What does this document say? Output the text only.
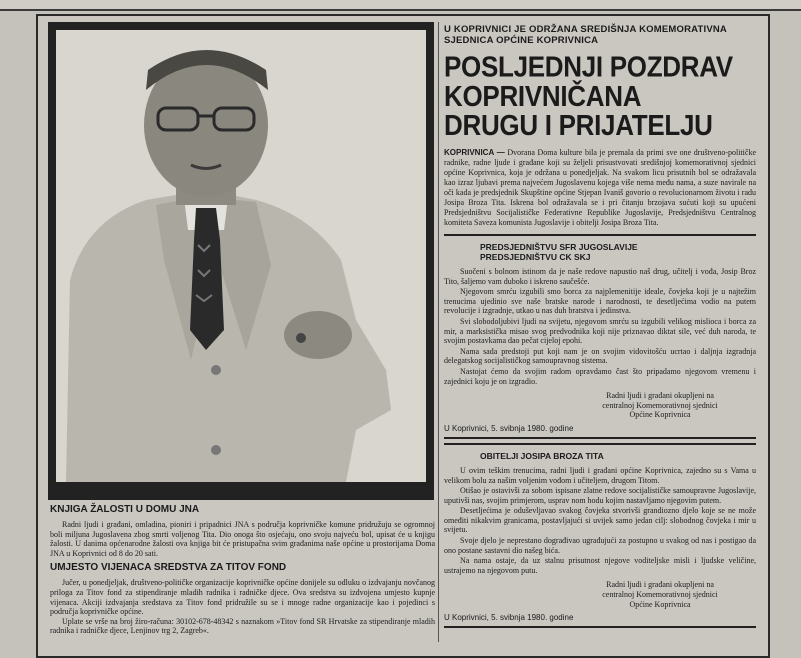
U KOPRIVNICI JE ODRŽANA SREDIŠNJA KOMEMORATIVNA SJEDNICA OPĆINE KOPRIVNICA
POSLJEDNJI POZDRAV
KOPRIVNIČANA
DRUGU I PRIJATELJU

KOPRIVNICA — Dvorana Doma kulture bila je premala da primi sve one društveno-političke radnike, radne ljude i građane koji su željeli prisustvovati središnjoj komemorativnoj sjednici općine Koprivnica, koja je održana u ponedjeljak. Na svakom licu prisutnih bol se odražavala kao izraz ljubavi prema najvećem Jugoslavenu kojega više nema među nama, a suze navirale na oči kada je predsjednik Skupštine općine Stjepan Ivaniš govorio o revolucionarnom životu i radu Josipa Broza Tita. Iskrena bol odražavala se i pri čitanju brzojava sućuti koji su upućeni Predsjedništvu Socijalističke Federativne Republike Jugoslavije, Predsjedništvu Centralnog komiteta Saveza komunista Jugoslavije i obitelji Josipa Broza Tita.

PREDSJEDNIŠTVU SFR JUGOSLAVIJE
PREDSJEDNIŠTVU CK SKJ

Suočeni s bolnom istinom da je naše redove napustio naš drug, učitelj i vođa, Josip Broz Tito, šaljemo vam duboko i iskreno saučešće.

Njegovom smrću izgubili smo borca za najplemenitije ideale, čovjeka koji je u najtežim trenucima ujedinio sve naše bratske narode i narodnosti, te desetljećima vodio na putem revolucije i izgradnje, utkao u nas duh bratstva i jedinstva.

Svi slobodoljubivi ljudi na svijetu, njegovom smrću su izgubili velikog mislioca i borca za mir, a marksistička misao svog predvodnika koji nije priznavao diktat sile, već duh naroda, te svojim postavkama dao pečat cijeloj epohi.

Nama sada predstoji put koji nam je on svojim vidovitošću ucrtao i daljnja izgradnja delegatskog socijalističkog samoupravnog sistema.

Nastojat ćemo da svojim radom opravdamo čast što pripadamo njegovom vremenu i zajednici koju je on izgradio.

Radni ljudi i građani okupljeni na
centralnoj Komemorativnoj sjednici
Općine Koprivnica
U Koprivnici, 5. svibnja 1980. godine
OBITELJI JOSIPA BROZA TITA

U ovim teškim trenucima, radni ljudi i građani općine Koprivnica, zajedno su s Vama u velikom bolu za našim voljenim vođom i učiteljem, drugom Titom.

Otišao je ostavivši za sobom ispisane zlatne redove socijalističke samoupravne Jugoslavije, uputivši nas, svojim primjerom, usprav nom hodu kojim nastavljamo njegovim putem.

Desetljećima je oduševljavao svakog čovjeka stvorivši grandiozno djelo koje se ne može omeđiti nikakvim granicama, postavljajući si uvijek samo jedan cilj: slobodnog čovjeka i mir u svijetu.

Svoje djelo je neprestano dograđivao ugrađujući za postupno u svakog od nas i postigao da ono postane sastavni dio našeg bića.

Na nama ostaje, da uz stalnu prisutnost njegove voditeljske misli i ljudske veličine, ustrajemo na njegovom putu.

Radni ljudi i građani okupljeni na
centralnoj Komemorativnoj sjednici
Općine Koprivnica
U Koprivnici, 5. svibnja 1980. godine
KNJIGA ŽALOSTI U DOMU JNA

Radni ljudi i građani, omladina, pioniri i pripadnici JNA s područja koprivničke komune pridružuju se ogromnoj boli miljuna Jugoslavena zbog smrti voljenog Tita. Dio onoga što osjećaju, ono svoju najveću bol, upisat će u knjigu žalosti. U danima općenarodne žalosti ova knjiga bit će pristupačna svim građanima naše općine u prostorijama Doma JNA u Koprivnici od 8 do 20 sati.

UMJESTO VIJENACA SREDSTVA ZA TITOV FOND

Jučer, u ponedjeljak, društveno-političke organizacije koprivničke općine donijele su odluku o izdvajanju novčanog priloga za Titov fond za stipendiranje mladih radnika i radničke djece. Ova sredstva su izdvojena umjesto kupnje vijenaca. Akciji izdvajanja sredstava za Titov fond pridružile su se i mnoge radne organizacije kao i pojedinci s područja koprivničke općine.

Uplate se vrše na broj žiro-računa: 30102-678-48342 s naznakom »Titov fond SR Hrvatske za stipendiranje mladih radnika i radničke djece, Lenjinov trg 2, Zagreb«.
